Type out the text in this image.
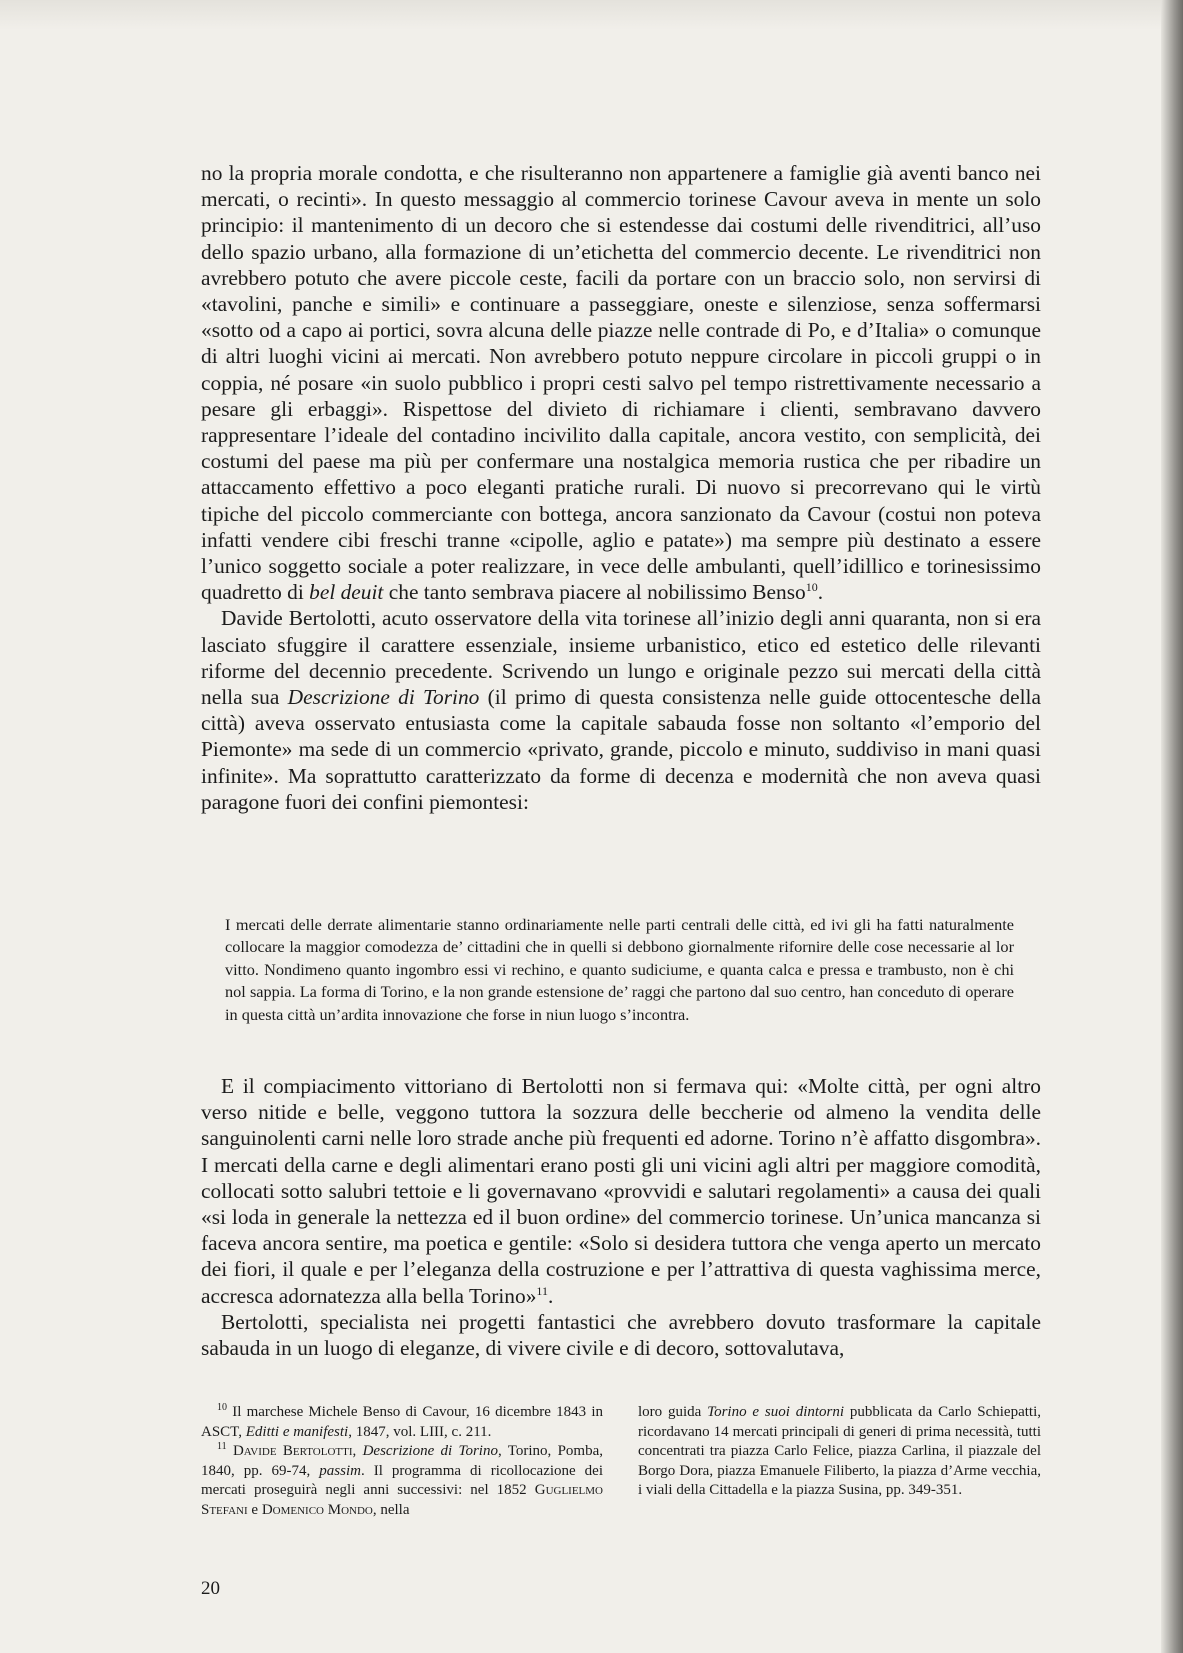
no la propria morale condotta, e che risulteranno non appartenere a famiglie già aventi banco nei mercati, o recinti». In questo messaggio al commercio torinese Cavour aveva in mente un solo principio: il mantenimento di un decoro che si estendesse dai costumi delle rivenditrici, all’uso dello spazio urbano, alla formazione di un’etichetta del commercio decente. Le rivenditrici non avrebbero potuto che avere piccole ceste, facili da portare con un braccio solo, non servirsi di «tavolini, panche e simili» e continuare a passeggiare, oneste e silenziose, senza soffermarsi «sotto od a capo ai portici, sovra alcuna delle piazze nelle contrade di Po, e d’Italia» o comunque di altri luoghi vicini ai mercati. Non avrebbero potuto neppure circolare in piccoli gruppi o in coppia, né posare «in suolo pubblico i propri cesti salvo pel tempo ristrettivamente necessario a pesare gli erbaggi». Rispettose del divieto di richiamare i clienti, sembravano davvero rappresentare l’ideale del contadino incivilito dalla capitale, ancora vestito, con semplicità, dei costumi del paese ma più per confermare una nostalgica memoria rustica che per ribadire un attaccamento effettivo a poco eleganti pratiche rurali. Di nuovo si precorrevano qui le virtù tipiche del piccolo commerciante con bottega, ancora sanzionato da Cavour (costui non poteva infatti vendere cibi freschi tranne «cipolle, aglio e patate») ma sempre più destinato a essere l’unico soggetto sociale a poter realizzare, in vece delle ambulanti, quell’idillico e torinesissimo quadretto di bel deuit che tanto sembrava piacere al nobilissimo Benso$^{10}$.

Davide Bertolotti, acuto osservatore della vita torinese all’inizio degli anni quaranta, non si era lasciato sfuggire il carattere essenziale, insieme urbanistico, etico ed estetico delle rilevanti riforme del decennio precedente. Scrivendo un lungo e originale pezzo sui mercati della città nella sua Descrizione di Torino (il primo di questa consistenza nelle guide ottocentesche della città) aveva osservato entusiasta come la capitale sabauda fosse non soltanto «l’emporio del Piemonte» ma sede di un commercio «privato, grande, piccolo e minuto, suddiviso in mani quasi infinite». Ma soprattutto caratterizzato da forme di decenza e modernità che non aveva quasi paragone fuori dei confini piemontesi:

I mercati delle derrate alimentarie stanno ordinariamente nelle parti centrali delle città, ed ivi gli ha fatti naturalmente collocare la maggior comodezza de’ cittadini che in quelli si debbono giornalmente rifornire delle cose necessarie al lor vitto. Nondimeno quanto ingombro essi vi rechino, e quanto sudiciume, e quanta calca e pressa e trambusto, non è chi nol sappia. La forma di Torino, e la non grande estensione de’ raggi che partono dal suo centro, han conceduto di operare in questa città un’ardita innovazione che forse in niun luogo s’incontra.

E il compiacimento vittoriano di Bertolotti non si fermava qui: «Molte città, per ogni altro verso nitide e belle, veggono tuttora la sozzura delle beccherie od almeno la vendita delle sanguinolenti carni nelle loro strade anche più frequenti ed adorne. Torino n’è affatto disgombra». I mercati della carne e degli alimentari erano posti gli uni vicini agli altri per maggiore comodità, collocati sotto salubri tettoie e li governavano «provvidi e salutari regolamenti» a causa dei quali «si loda in generale la nettezza ed il buon ordine» del commercio torinese. Un’unica mancanza si faceva ancora sentire, ma poetica e gentile: «Solo si desidera tuttora che venga aperto un mercato dei fiori, il quale e per l’eleganza della costruzione e per l’attrattiva di questa vaghissima merce, accresca adornatezza alla bella Torino»$^{11}$.

Bertolotti, specialista nei progetti fantastici che avrebbero dovuto trasformare la capitale sabauda in un luogo di eleganze, di vivere civile e di decoro, sottovalutava,

$^{10}$ Il marchese Michele Benso di Cavour, 16 dicembre 1843 in ASCT, Editti e manifesti, 1847, vol. LIII, c. 211.

$^{11}$ Davide Bertolotti, Descrizione di Torino, Torino, Pomba, 1840, pp. 69-74, passim. Il programma di ricollocazione dei mercati proseguirà negli anni successivi: nel 1852 Guglielmo Stefani e Domenico Mondo, nella

loro guida Torino e suoi dintorni pubblicata da Carlo Schiepatti, ricordavano 14 mercati principali di generi di prima necessità, tutti concentrati tra piazza Carlo Felice, piazza Carlina, il piazzale del Borgo Dora, piazza Emanuele Filiberto, la piazza d’Arme vecchia, i viali della Cittadella e la piazza Susina, pp. 349-351.

20
